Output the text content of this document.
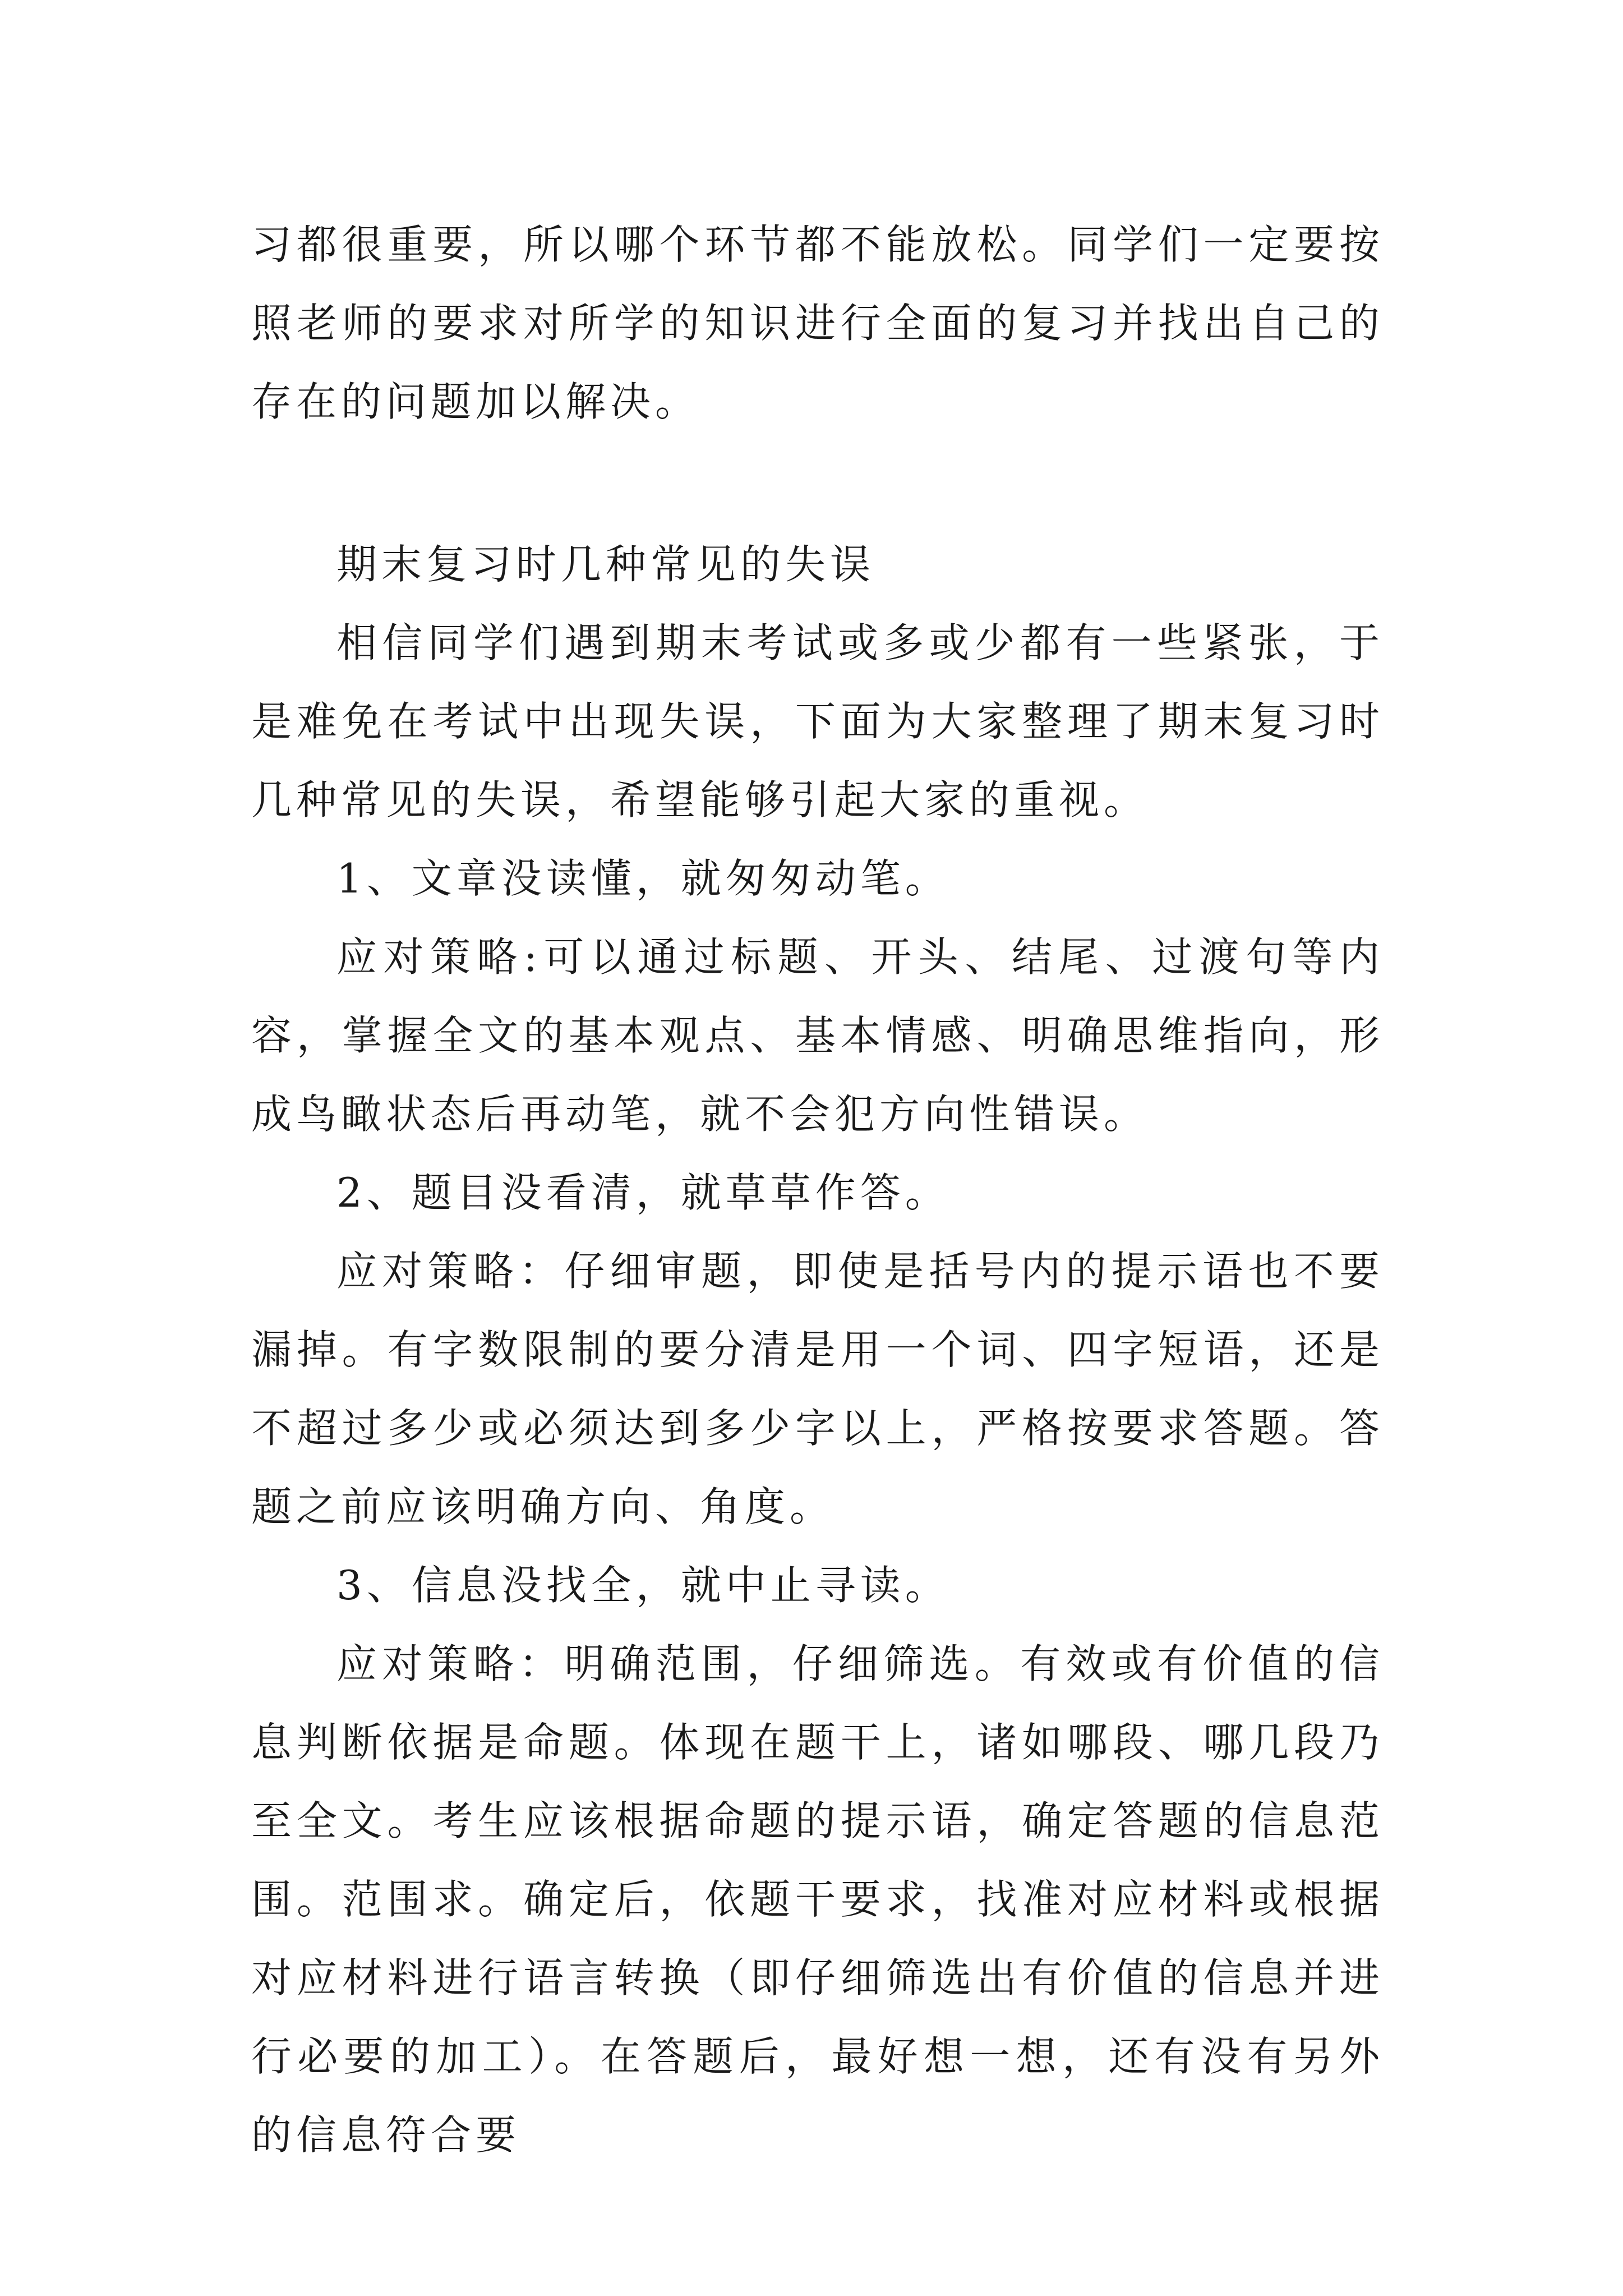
习都很重要，所以哪个环节都不能放松。同学们一定要按照老师的要求对所学的知识进行全面的复习并找出自己的存在的问题加以解决。

期末复习时几种常见的失误

相信同学们遇到期末考试或多或少都有一些紧张，于是难免在考试中出现失误，下面为大家整理了期末复习时几种常见的失误，希望能够引起大家的重视。

1、文章没读懂，就匆匆动笔。

应对策略:可以通过标题、开头、结尾、过渡句等内容，掌握全文的基本观点、基本情感、明确思维指向，形成鸟瞰状态后再动笔，就不会犯方向性错误。

2、题目没看清，就草草作答。

应对策略：仔细审题，即使是括号内的提示语也不要漏掉。有字数限制的要分清是用一个词、四字短语，还是不超过多少或必须达到多少字以上，严格按要求答题。答题之前应该明确方向、角度。

3、信息没找全，就中止寻读。

应对策略：明确范围，仔细筛选。有效或有价值的信息判断依据是命题。体现在题干上，诸如哪段、哪几段乃至全文。考生应该根据命题的提示语，确定答题的信息范围。范围求。确定后，依题干要求，找准对应材料或根据对应材料进行语言转换（即仔细筛选出有价值的信息并进行必要的加工）。在答题后，最好想一想，还有没有另外的信息符合要
